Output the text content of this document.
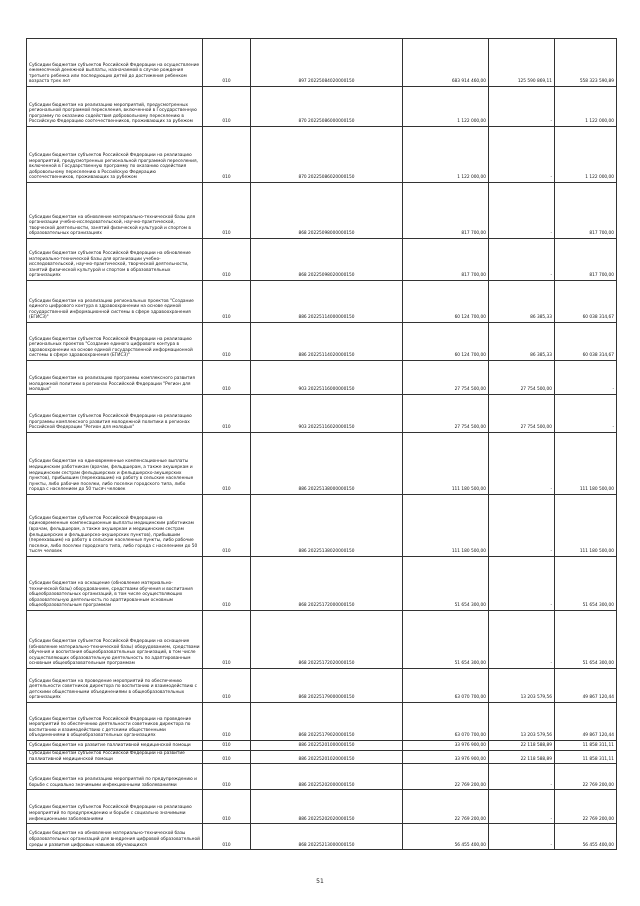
Субсидии бюджетам субъектов Российской Федерации на осуществление ежемесячной денежной выплаты, назначаемой в случае рождения третьего ребенка или последующих детей до достижения ребенком возраста трех лет	010	897 20225084020000150	683 914 460,00	125 590 869,11	558 323 590,89
Субсидии бюджетам на реализацию мероприятий, предусмотренных региональной программой переселения, включенной в Государственную программу по оказанию содействия добровольному переселению в Российскую Федерацию соотечественников, проживающих за рубежом	010	870 20225086000000150	1 122 000,00	-	1 122 000,00
Субсидии бюджетам субъектов Российской Федерации на реализацию мероприятий, предусмотренных региональной программой переселения, включенной в Государственную программу по оказанию содействия добровольному переселению в Российскую Федерацию соотечественников, проживающих за рубежом	010	870 20225086020000150	1 122 000,00	-	1 122 000,00
Субсидии бюджетам на обновление материально-технической базы для организации учебно-исследовательской, научно-практической, творческой деятельности, занятий физической культурой и спортом в образовательных организациях	010	868 20225098000000150	817 700,00	-	817 700,00
Субсидии бюджетам субъектов Российской Федерации на обновление материально-технической базы для организации учебно-исследовательской, научно-практической, творческой деятельности, занятий физической культурой и спортом в образовательных организациях	010	868 20225098020000150	817 700,00	-	817 700,00
Субсидии бюджетам на реализацию региональных проектов "Создание единого цифрового контура в здравоохранении на основе единой государственной информационной системы в сфере здравоохранения (ЕГИСЗ)"	010	886 20225114000000150	60 124 700,00	86 385,33	60 038 314,67
Субсидии бюджетам субъектов Российской Федерации на реализацию региональных проектов "Создание единого цифрового контура в здравоохранении на основе единой государственной информационной системы в сфере здравоохранения (ЕГИСЗ)"	010	886 20225114020000150	60 124 700,00	86 385,33	60 038 314,67
Субсидии бюджетам на реализацию программы комплексного развития молодежной политики в регионах Российской Федерации "Регион для молодых"	010	903 20225116000000150	27 754 500,00	27 754 500,00	-
Субсидии бюджетам субъектов Российской Федерации на реализацию программы комплексного развития молодежной политики в регионах Российской Федерации "Регион для молодых"	010	903 20225116020000150	27 754 500,00	27 754 500,00	-
Субсидии бюджетам на единовременные компенсационные выплаты медицинским работникам (врачам, фельдшерам, а также акушеркам и медицинским сестрам фельдшерских и фельдшерско-акушерских пунктов), прибывшим (переехавшим) на работу в сельские населенные пункты, либо рабочие поселки, либо поселки городского типа, либо города с населением до 50 тысяч человек	010	886 20225138000000150	111 180 500,00	-	111 180 500,00
Субсидии бюджетам субъектов Российской Федерации на единовременные компенсационные выплаты медицинским работникам (врачам, фельдшерам, а также акушеркам и медицинским сестрам фельдшерских и фельдшерско-акушерских пунктов), прибывшим (переехавшим) на работу в сельские населенные пункты, либо рабочие поселки, либо поселки городского типа, либо города с населением до 50 тысяч человек	010	886 20225138020000150	111 180 500,00	-	111 180 500,00
Субсидии бюджетам на оснащение (обновление материально-технической базы) оборудованием, средствами обучения и воспитания общеобразовательных организаций, в том числе осуществляющих образовательную деятельность по адаптированным основным общеобразовательным программам	010	868 20225172000000150	51 654 300,00	-	51 654 300,00
Субсидии бюджетам субъектов Российской Федерации на оснащение (обновление материально-технической базы) оборудованием, средствами обучения и воспитания общеобразовательных организаций, в том числе осуществляющих образовательную деятельность по адаптированным основным общеобразовательным программам	010	868 20225172020000150	51 654 300,00	-	51 654 300,00
Субсидии бюджетам на проведение мероприятий по обеспечению деятельности советников директора по воспитанию и взаимодействию с детскими общественными объединениями в общеобразовательных организациях	010	868 20225179000000150	63 070 700,00	13 203 579,56	49 867 120,44
Субсидии бюджетам субъектов Российской Федерации на проведение мероприятий по обеспечению деятельности советников директора по воспитанию и взаимодействию с детскими общественными объединениями в общеобразовательных организациях	010	868 20225179020000150	63 070 700,00	13 203 579,56	49 867 120,44
Субсидии бюджетам на развитие паллиативной медицинской помощи	010	886 20225201000000150	33 976 900,00	22 118 588,89	11 858 311,11
Субсидии бюджетам субъектов Российской Федерации на развитие паллиативной медицинской помощи	010	886 20225201020000150	33 976 900,00	22 118 588,89	11 858 311,11
Субсидии бюджетам на реализацию мероприятий по предупреждению и борьбе с социально значимыми инфекционными заболеваниями	010	886 20225202000000150	22 769 200,00	-	22 769 200,00
Субсидии бюджетам субъектов Российской Федерации на реализацию мероприятий по предупреждению и борьбе с социально значимыми инфекционными заболеваниями	010	886 20225202020000150	22 769 200,00	-	22 769 200,00
Субсидии бюджетам на обновление материально-технической базы образовательных организаций для внедрения цифровой образовательной среды и развития цифровых навыков обучающихся	010	868 20225213000000150	56 455 400,00	-	56 455 400,00
51
